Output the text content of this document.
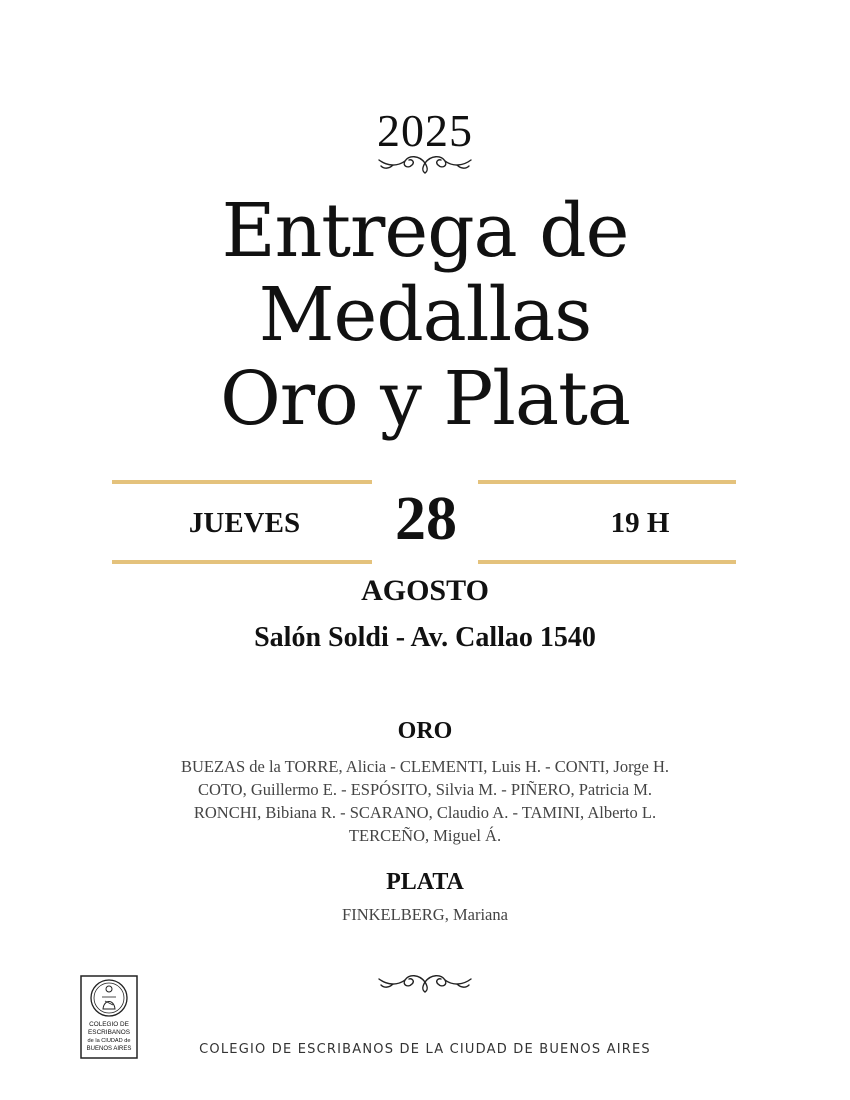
2025
Entrega de
Medallas
Oro y Plata
JUEVES	28	19 H
AGOSTO
Salón Soldi - Av. Callao 1540
ORO
BUEZAS de la TORRE, Alicia - CLEMENTI, Luis H. - CONTI, Jorge H.
COTO, Guillermo E. - ESPÓSITO, Silvia M. - PIÑERO, Patricia M.
RONCHI, Bibiana R. - SCARANO, Claudio A. - TAMINI, Alberto L.
TERCEÑO, Miguel Á.
PLATA
FINKELBERG, Mariana
COLEGIO DE
ESCRIBANOS
de la CIUDAD de
BUENOS AIRES	COLEGIO DE ESCRIBANOS DE LA CIUDAD DE BUENOS AIRES
